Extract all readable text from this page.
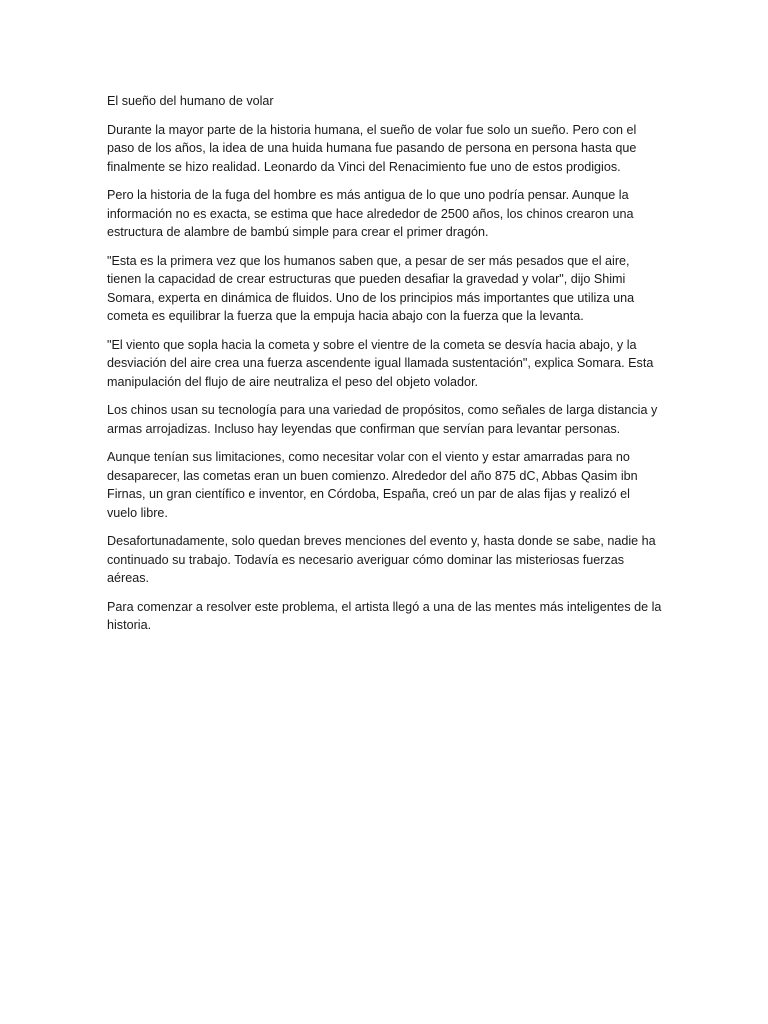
El sueño del humano de volar

Durante la mayor parte de la historia humana, el sueño de volar fue solo un sueño. Pero con el paso de los años, la idea de una huida humana fue pasando de persona en persona hasta que finalmente se hizo realidad. Leonardo da Vinci del Renacimiento fue uno de estos prodigios.

Pero la historia de la fuga del hombre es más antigua de lo que uno podría pensar. Aunque la información no es exacta, se estima que hace alrededor de 2500 años, los chinos crearon una estructura de alambre de bambú simple para crear el primer dragón.

"Esta es la primera vez que los humanos saben que, a pesar de ser más pesados que el aire, tienen la capacidad de crear estructuras que pueden desafiar la gravedad y volar", dijo Shimi Somara, experta en dinámica de fluidos. Uno de los principios más importantes que utiliza una cometa es equilibrar la fuerza que la empuja hacia abajo con la fuerza que la levanta.

"El viento que sopla hacia la cometa y sobre el vientre de la cometa se desvía hacia abajo, y la desviación del aire crea una fuerza ascendente igual llamada sustentación", explica Somara. Esta manipulación del flujo de aire neutraliza el peso del objeto volador.

Los chinos usan su tecnología para una variedad de propósitos, como señales de larga distancia y armas arrojadizas. Incluso hay leyendas que confirman que servían para levantar personas.

Aunque tenían sus limitaciones, como necesitar volar con el viento y estar amarradas para no desaparecer, las cometas eran un buen comienzo. Alrededor del año 875 dC, Abbas Qasim ibn Firnas, un gran científico e inventor, en Córdoba, España, creó un par de alas fijas y realizó el vuelo libre.

Desafortunadamente, solo quedan breves menciones del evento y, hasta donde se sabe, nadie ha continuado su trabajo. Todavía es necesario averiguar cómo dominar las misteriosas fuerzas aéreas.

Para comenzar a resolver este problema, el artista llegó a una de las mentes más inteligentes de la historia.
